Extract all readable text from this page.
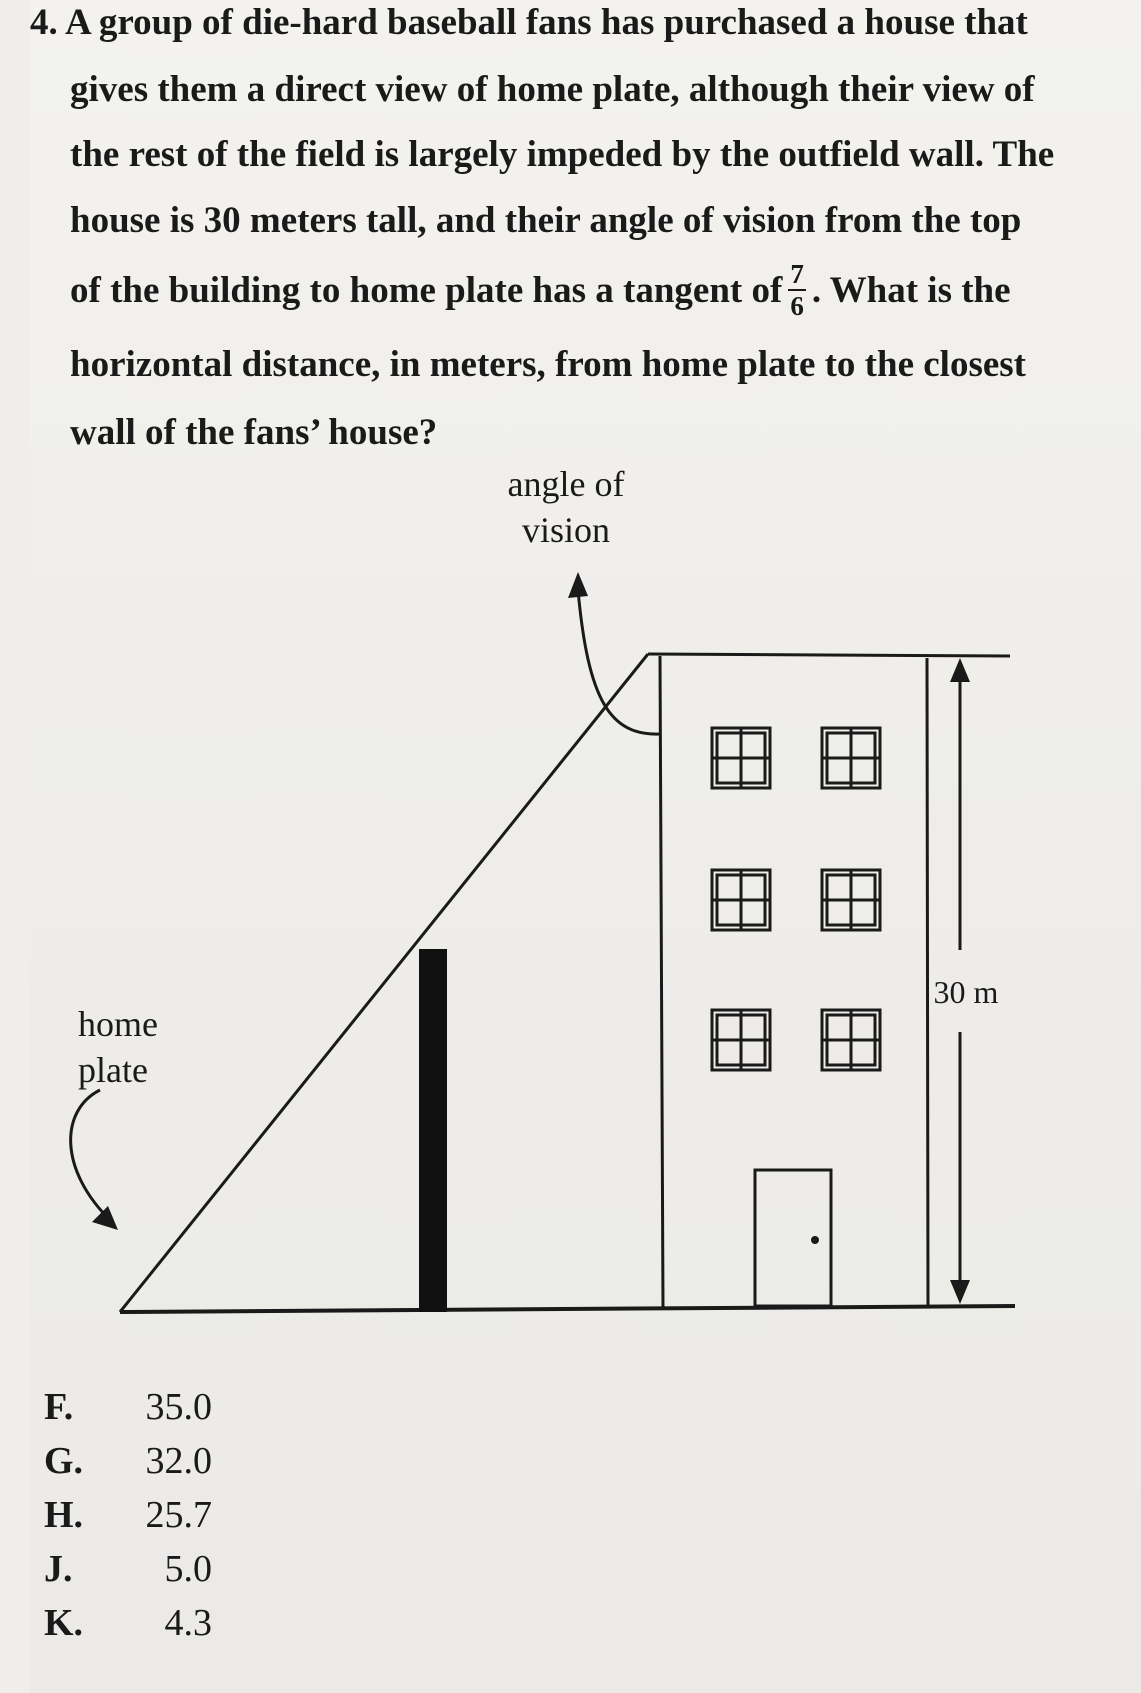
4. A group of die-hard baseball fans has purchased a house that
gives them a direct view of home plate, although their view of
the rest of the field is largely impeded by the outfield wall. The
house is 30 meters tall, and their angle of vision from the top
of the building to home plate has a tangent of $\frac{7}{6}$ . What is the
horizontal distance, in meters, from home plate to the closest
wall of the fans’ house?
angle of
vision
home
plate
30 m
F.	35.0
G.	32.0
H.	25.7
J.	5.0
K.	4.3
